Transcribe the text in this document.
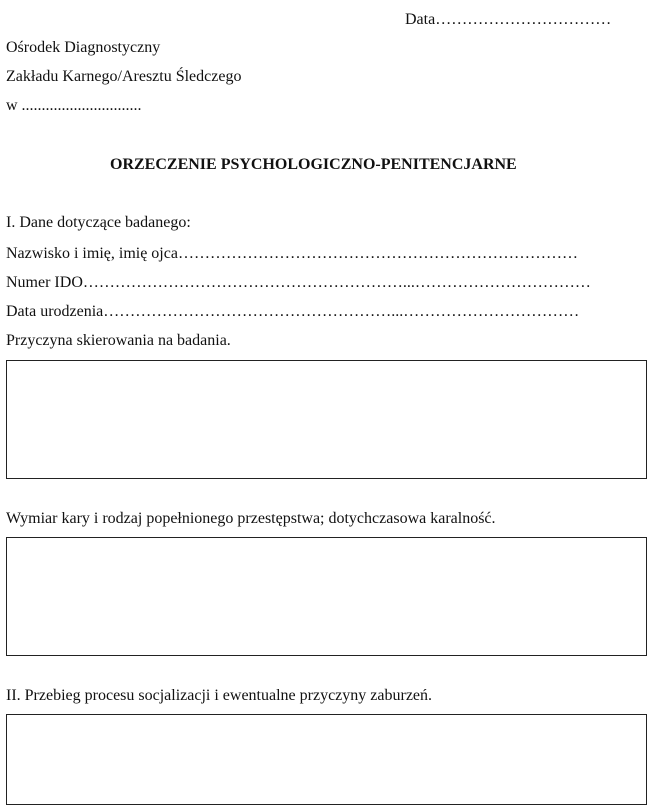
Data……………………………
Ośrodek Diagnostyczny
Zakładu Karnego/Aresztu Śledczego
w ..............................
ORZECZENIE PSYCHOLOGICZNO-PENITENCJARNE
I. Dane dotyczące badanego:
Nazwisko i imię, imię ojca…………………………………………………………………
Numer IDO……………………………………………………...……………………………
Data urodzenia………………………………………………...……………………………
Przyczyna skierowania na badania.
Wymiar kary i rodzaj popełnionego przestępstwa; dotychczasowa karalność.
II. Przebieg procesu socjalizacji i ewentualne przyczyny zaburzeń.
